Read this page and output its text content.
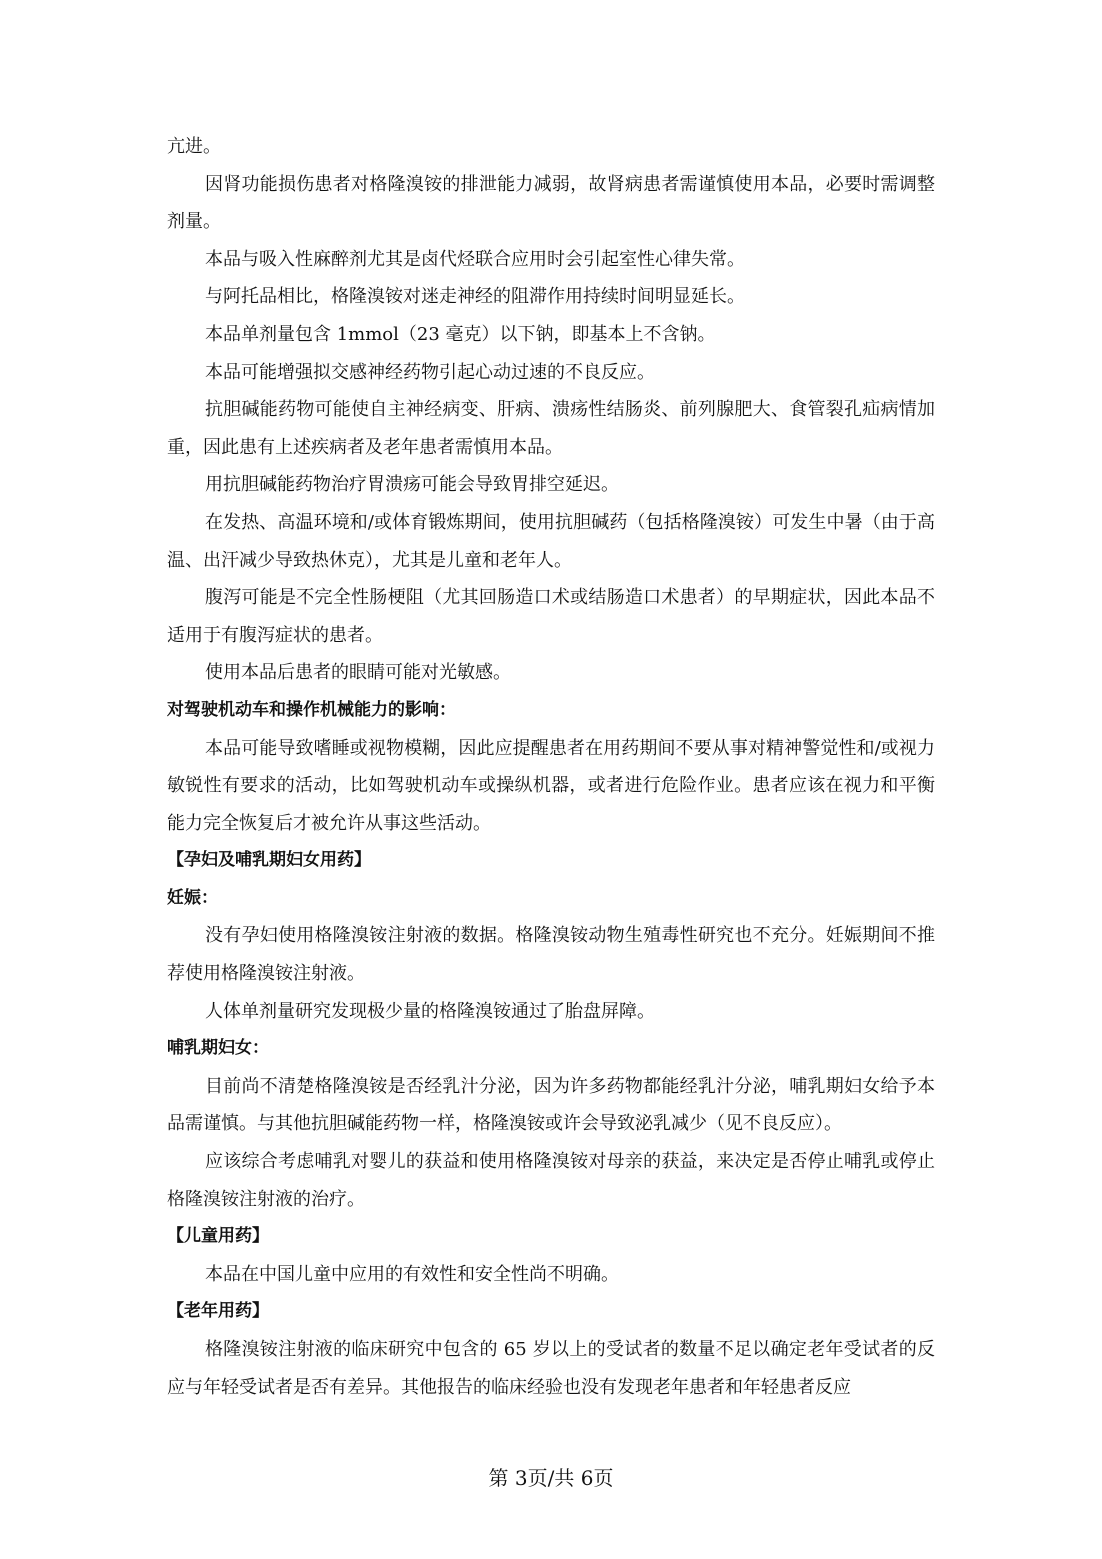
亢进。

因肾功能损伤患者对格隆溴铵的排泄能力减弱，故肾病患者需谨慎使用本品，必要时需调整剂量。

本品与吸入性麻醉剂尤其是卤代烃联合应用时会引起室性心律失常。

与阿托品相比，格隆溴铵对迷走神经的阻滞作用持续时间明显延长。

本品单剂量包含 1mmol（23 毫克）以下钠，即基本上不含钠。

本品可能增强拟交感神经药物引起心动过速的不良反应。

抗胆碱能药物可能使自主神经病变、肝病、溃疡性结肠炎、前列腺肥大、食管裂孔疝病情加重，因此患有上述疾病者及老年患者需慎用本品。

用抗胆碱能药物治疗胃溃疡可能会导致胃排空延迟。

在发热、高温环境和/或体育锻炼期间，使用抗胆碱药（包括格隆溴铵）可发生中暑（由于高温、出汗减少导致热休克），尤其是儿童和老年人。

腹泻可能是不完全性肠梗阻（尤其回肠造口术或结肠造口术患者）的早期症状，因此本品不适用于有腹泻症状的患者。

使用本品后患者的眼睛可能对光敏感。

对驾驶机动车和操作机械能力的影响：

本品可能导致嗜睡或视物模糊，因此应提醒患者在用药期间不要从事对精神警觉性和/或视力敏锐性有要求的活动，比如驾驶机动车或操纵机器，或者进行危险作业。患者应该在视力和平衡能力完全恢复后才被允许从事这些活动。

【孕妇及哺乳期妇女用药】

妊娠：

没有孕妇使用格隆溴铵注射液的数据。格隆溴铵动物生殖毒性研究也不充分。妊娠期间不推荐使用格隆溴铵注射液。

人体单剂量研究发现极少量的格隆溴铵通过了胎盘屏障。

哺乳期妇女：

目前尚不清楚格隆溴铵是否经乳汁分泌，因为许多药物都能经乳汁分泌，哺乳期妇女给予本品需谨慎。与其他抗胆碱能药物一样，格隆溴铵或许会导致泌乳减少（见不良反应）。

应该综合考虑哺乳对婴儿的获益和使用格隆溴铵对母亲的获益，来决定是否停止哺乳或停止格隆溴铵注射液的治疗。

【儿童用药】

本品在中国儿童中应用的有效性和安全性尚不明确。

【老年用药】

格隆溴铵注射液的临床研究中包含的 65 岁以上的受试者的数量不足以确定老年受试者的反应与年轻受试者是否有差异。其他报告的临床经验也没有发现老年患者和年轻患者反应

第 3页/共 6页
